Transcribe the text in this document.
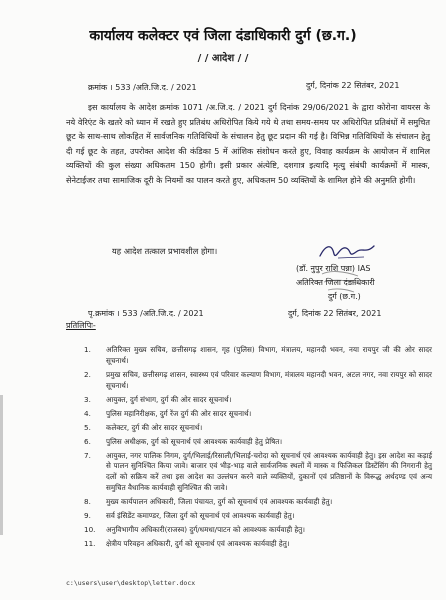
कार्यालय कलेक्टर एवं जिला दंडाधिकारी दुर्ग (छ.ग.)
/ / आदेश / /
क्रमांक । 533 /अति.जि.द. / 2021	दुर्ग, दिनांक 22 सितंबर, 2021

इस कार्यालय के आदेश क्रमांक 1071 /अ.जि.द. / 2021 दुर्ग दिनांक 29/06/2021 के द्वारा कोरोना वायरस के नये वेरिएंट के खतरे को ध्यान में रखते हुए प्रतिबंध अधिरोपित किये गये थे तथा समय-समय पर अधिरोपित प्रतिबंधों में समुचित छूट के साथ-साथ लोकहित में सार्वजनिक गतिविधियों के संचालन हेतु छूट प्रदान की गई है। विभिन्न गतिविधियों के संचालन हेतु दी गई छूट के तहत, उपरोक्त आदेश की कंडिका 5 में आंशिक संशोधन करते हुए, विवाह कार्यक्रम के आयोजन में शामिल व्यक्तियों की कुल संख्या अधिकतम 150 होगी। इसी प्रकार अंत्येष्टि, दशगात्र इत्यादि मृत्यु संबंधी कार्यक्रमों में मास्क, सेनेटाईजर तथा सामाजिक दूरी के नियमों का पालन करते हुए, अधिकतम 50 व्यक्तियों के शामिल होने की अनुमति होगी।

यह आदेश तत्काल प्रभावशील होगा।
(डॉ. नुपुर राशि पन्ना) IAS
अतिरिक्त जिला दंडाधिकारी
दुर्ग (छ.ग.)
पृ.क्रमांक । 533 /अति.जि.द. / 2021	दुर्ग, दिनांक 22 सितंबर, 2021
प्रतिलिपिः-
1.	अतिरिक्त मुख्य सचिव, छत्तीसगढ़ शासन, गृह (पुलिस) विभाग, मंत्रालय, महानदी भवन, नया रायपुर जी की ओर सादर सूचनार्थ।
2.	प्रमुख सचिव, छत्तीसगढ़ शासन, स्वास्थ्य एवं परिवार कल्याण विभाग, मंत्रालय महानदी भवन, अटल नगर, नवा रायपुर को सादर सूचनार्थ।
3.	आयुक्त, दुर्ग संभाग, दुर्ग की ओर सादर सूचनार्थ।
4.	पुलिस महानिरीक्षक, दुर्ग रेंज दुर्ग की ओर सादर सूचनार्थ।
5.	कलेक्टर, दुर्ग की ओर सादर सूचनार्थ।
6.	पुलिस अधीक्षक, दुर्ग को सूचनार्थ एवं आवश्यक कार्यवाही हेतु प्रेषित।
7.	आयुक्त, नगर पालिक निगम, दुर्ग/भिलाई/रिसाली/भिलाई-चरोदा को सूचनार्थ एवं आवश्यक कार्यवाही हेतु। इस आदेश का कड़ाई से पालन सुनिश्चित किया जावे। बाजार एवं भीड़-भाड़ वाले सार्वजनिक स्थलों में मास्क व फिजिकल डिस्टेंसिंग की निगरानी हेतु दलों को सक्रिय करें तथा इस आदेश का उल्लंघन करने वाले व्यक्तियों, दुकानों एवं प्रतिष्ठानों के विरूद्ध अर्थदण्ड एवं अन्य समुचित वैधानिक कार्यवाही सुनिश्चित की जावे।
8.	मुख्य कार्यपालन अधिकारी, जिला पंचायत, दुर्ग को सूचनार्थ एवं आवश्यक कार्यवाही हेतु।
9.	सर्व इंसिडेंट कमाण्डर, जिला दुर्ग को सूचनार्थ एवं आवश्यक कार्यवाही हेतु।
10.	अनुविभागीय अधिकारी(राजस्व) दुर्ग/धमधा/पाटन को आवश्यक कार्यवाही हेतु।
11.	क्षेत्रीय परिवहन अधिकारी, दुर्ग को सूचनार्थ एवं आवश्यक कार्यवाही हेतु।
c:\users\user\desktop\letter.docx
